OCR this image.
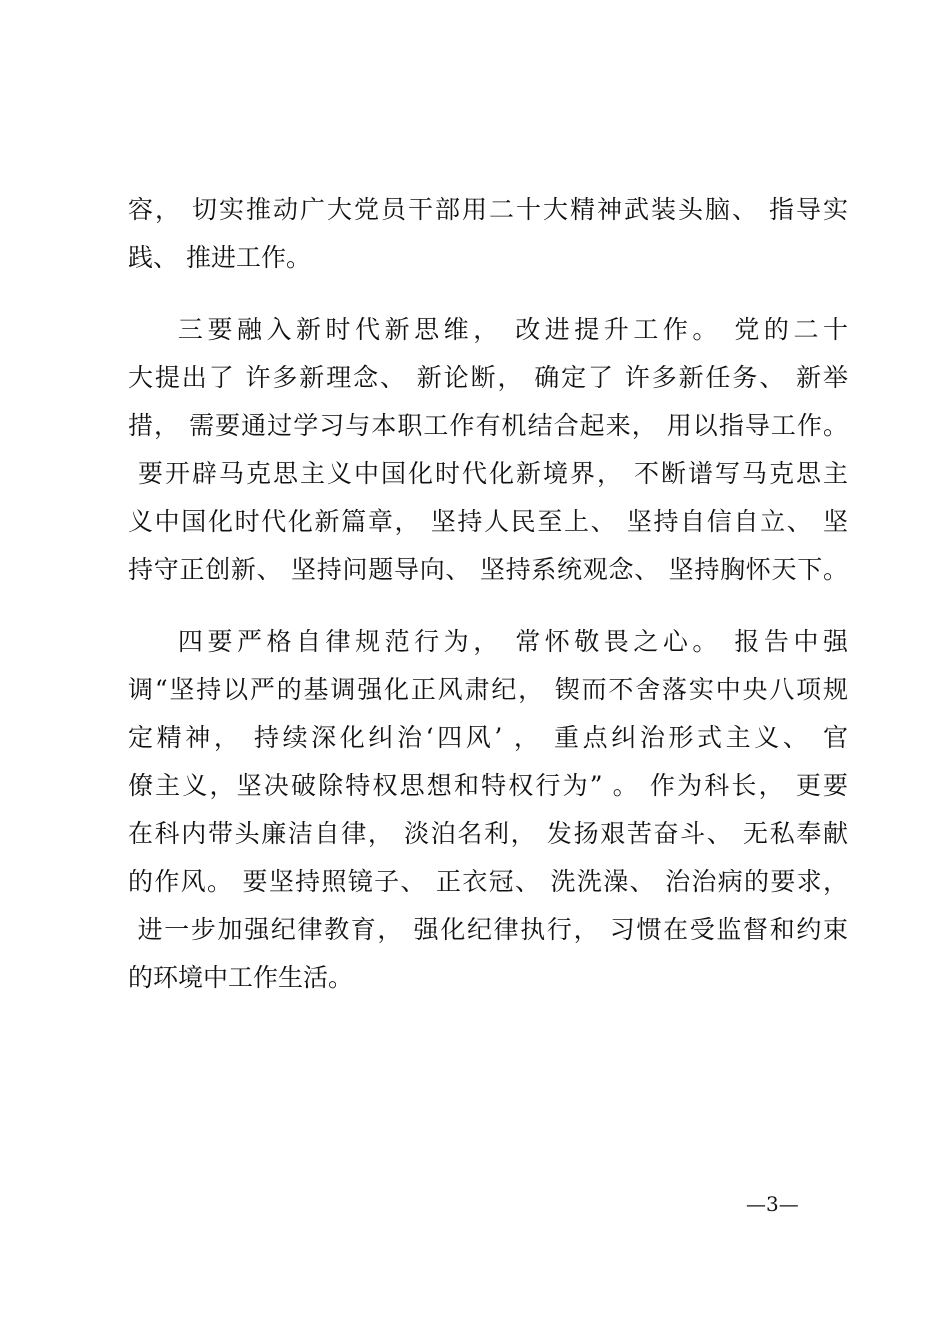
容， 切实推动广大党员干部用二十大精神武装头脑、 指导实
践、 推进工作。
三要融入新时代新思维， 改进提升工作。 党的二十
大提出了 许多新理念、 新论断， 确定了 许多新任务、 新举
措， 需要通过学习与本职工作有机结合起来， 用以指导工作。
要开辟马克思主义中国化时代化新境界， 不断谱写马克思主
义中国化时代化新篇章， 坚持人民至上、 坚持自信自立、 坚
持守正创新、 坚持问题导向、 坚持系统观念、 坚持胸怀天下。
四要严格自律规范行为， 常怀敬畏之心。 报告中强
调“坚持以严的基调强化正风肃纪， 锲而不舍落实中央八项规
定精神， 持续深化纠治‘四风’ ， 重点纠治形式主义、 官
僚主义，坚决破除特权思想和特权行为” 。 作为科长， 更要
在科内带头廉洁自律， 淡泊名利， 发扬艰苦奋斗、 无私奉献
的作风。 要坚持照镜子、 正衣冠、 洗洗澡、 治治病的要求，
进一步加强纪律教育， 强化纪律执行， 习惯在受监督和约束
的环境中工作生活。
—3—
